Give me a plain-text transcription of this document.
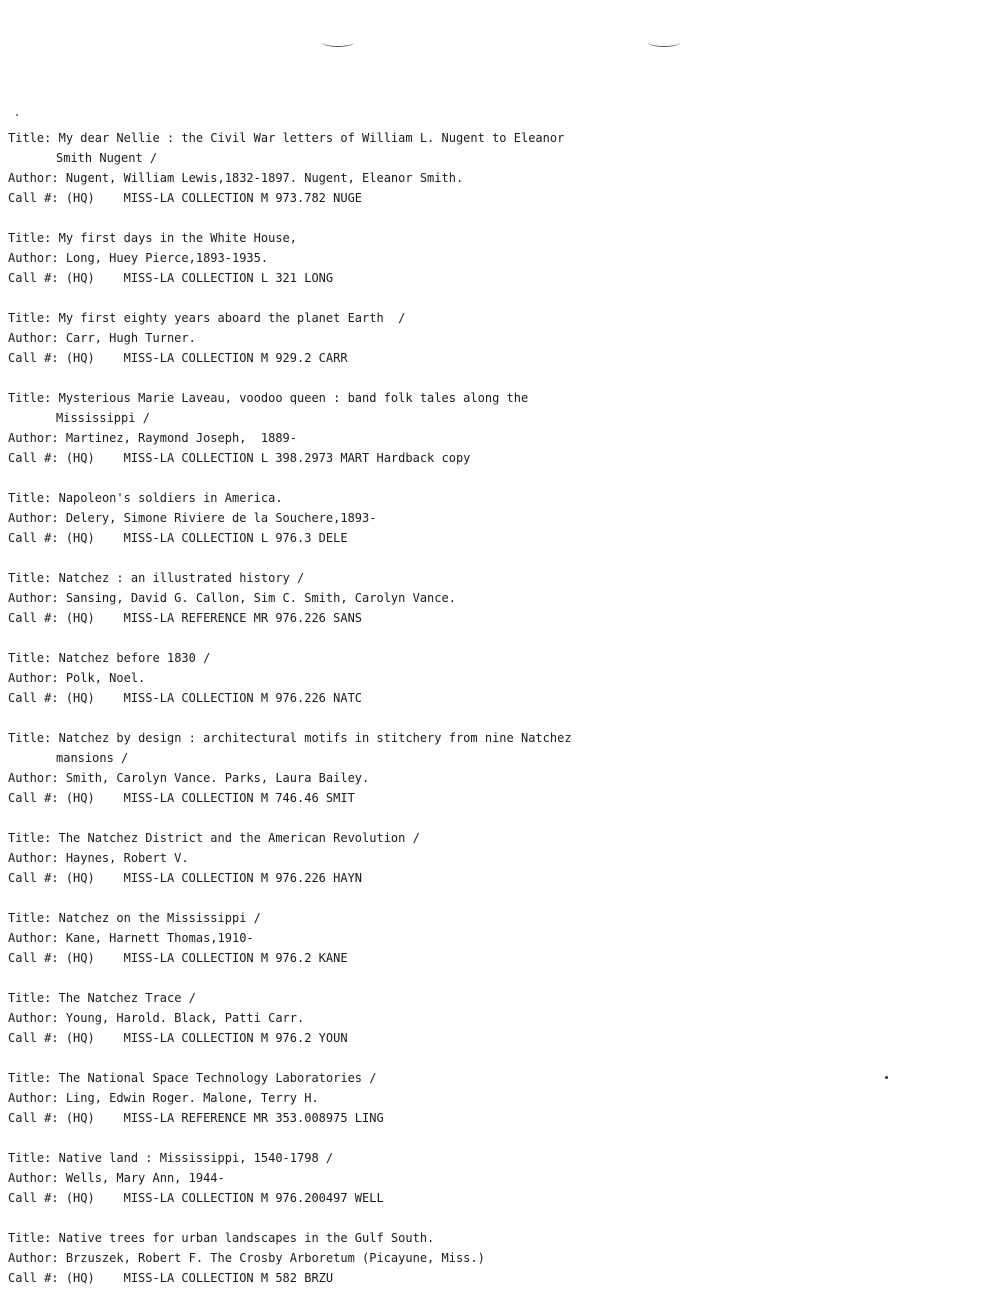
Title: My dear Nellie : the Civil War letters of William L. Nugent to Eleanor
Smith Nugent /
Author: Nugent, William Lewis,1832-1897. Nugent, Eleanor Smith.
Call #: (HQ)    MISS-LA COLLECTION M 973.782 NUGE
Title: My first days in the White House,
Author: Long, Huey Pierce,1893-1935.
Call #: (HQ)    MISS-LA COLLECTION L 321 LONG
Title: My first eighty years aboard the planet Earth  /
Author: Carr, Hugh Turner.
Call #: (HQ)    MISS-LA COLLECTION M 929.2 CARR
Title: Mysterious Marie Laveau, voodoo queen : band folk tales along the
Mississippi /
Author: Martinez, Raymond Joseph,  1889-
Call #: (HQ)    MISS-LA COLLECTION L 398.2973 MART Hardback copy
Title: Napoleon's soldiers in America.
Author: Delery, Simone Riviere de la Souchere,1893-
Call #: (HQ)    MISS-LA COLLECTION L 976.3 DELE
Title: Natchez : an illustrated history /
Author: Sansing, David G. Callon, Sim C. Smith, Carolyn Vance.
Call #: (HQ)    MISS-LA REFERENCE MR 976.226 SANS
Title: Natchez before 1830 /
Author: Polk, Noel.
Call #: (HQ)    MISS-LA COLLECTION M 976.226 NATC
Title: Natchez by design : architectural motifs in stitchery from nine Natchez
mansions /
Author: Smith, Carolyn Vance. Parks, Laura Bailey.
Call #: (HQ)    MISS-LA COLLECTION M 746.46 SMIT
Title: The Natchez District and the American Revolution /
Author: Haynes, Robert V.
Call #: (HQ)    MISS-LA COLLECTION M 976.226 HAYN
Title: Natchez on the Mississippi /
Author: Kane, Harnett Thomas,1910-
Call #: (HQ)    MISS-LA COLLECTION M 976.2 KANE
Title: The Natchez Trace /
Author: Young, Harold. Black, Patti Carr.
Call #: (HQ)    MISS-LA COLLECTION M 976.2 YOUN
Title: The National Space Technology Laboratories /
Author: Ling, Edwin Roger. Malone, Terry H.
Call #: (HQ)    MISS-LA REFERENCE MR 353.008975 LING
Title: Native land : Mississippi, 1540-1798 /
Author: Wells, Mary Ann, 1944-
Call #: (HQ)    MISS-LA COLLECTION M 976.200497 WELL
Title: Native trees for urban landscapes in the Gulf South.
Author: Brzuszek, Robert F. The Crosby Arboretum (Picayune, Miss.)
Call #: (HQ)    MISS-LA COLLECTION M 582 BRZU
